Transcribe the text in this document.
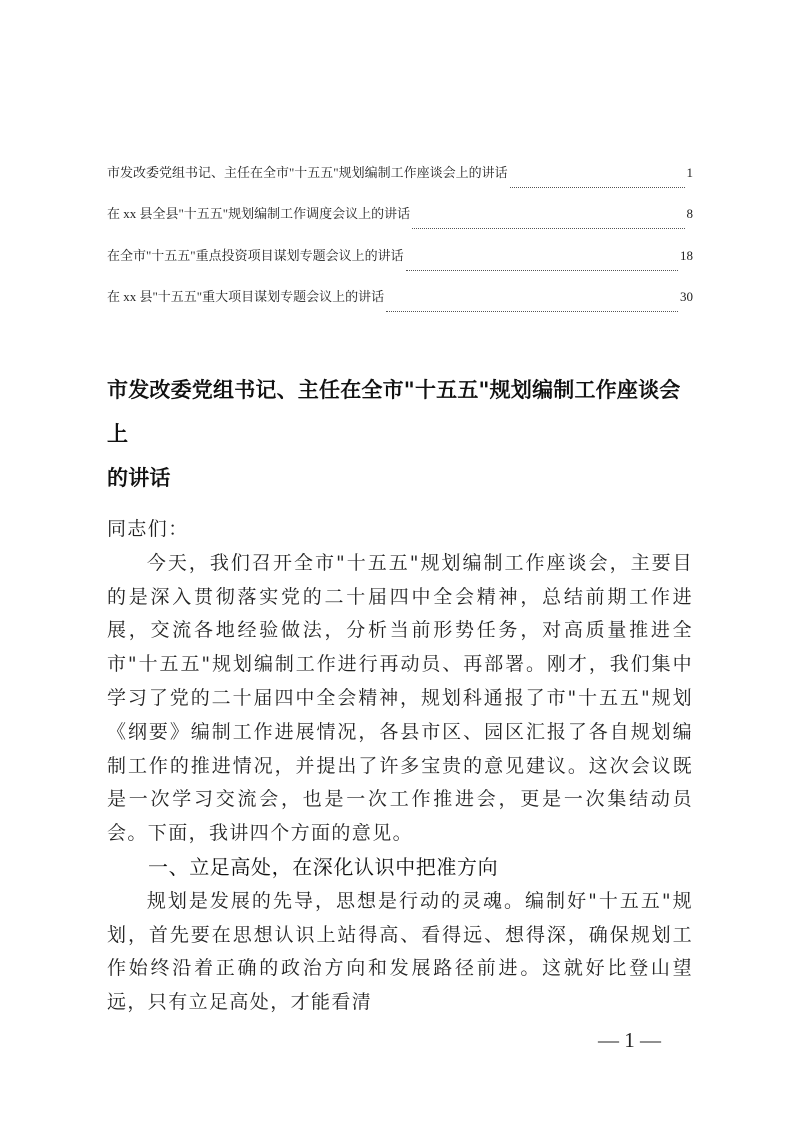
市发改委党组书记、主任在全市"十五五"规划编制工作座谈会上的讲话	1
在 xx 县全县"十五五"规划编制工作调度会议上的讲话	8
在全市"十五五"重点投资项目谋划专题会议上的讲话	18
在 xx 县"十五五"重大项目谋划专题会议上的讲话	30
市发改委党组书记、主任在全市"十五五"规划编制工作座谈会上
的讲话

同志们：

今天，我们召开全市"十五五"规划编制工作座谈会，主要目的是深入贯彻落实党的二十届四中全会精神，总结前期工作进展，交流各地经验做法，分析当前形势任务，对高质量推进全市"十五五"规划编制工作进行再动员、再部署。刚才，我们集中学习了党的二十届四中全会精神，规划科通报了市"十五五"规划《纲要》编制工作进展情况，各县市区、园区汇报了各自规划编制工作的推进情况，并提出了许多宝贵的意见建议。这次会议既是一次学习交流会，也是一次工作推进会，更是一次集结动员会。下面，我讲四个方面的意见。

一、立足高处，在深化认识中把准方向

规划是发展的先导，思想是行动的灵魂。编制好"十五五"规划，首先要在思想认识上站得高、看得远、想得深，确保规划工作始终沿着正确的政治方向和发展路径前进。这就好比登山望远，只有立足高处，才能看清

— 1 —
